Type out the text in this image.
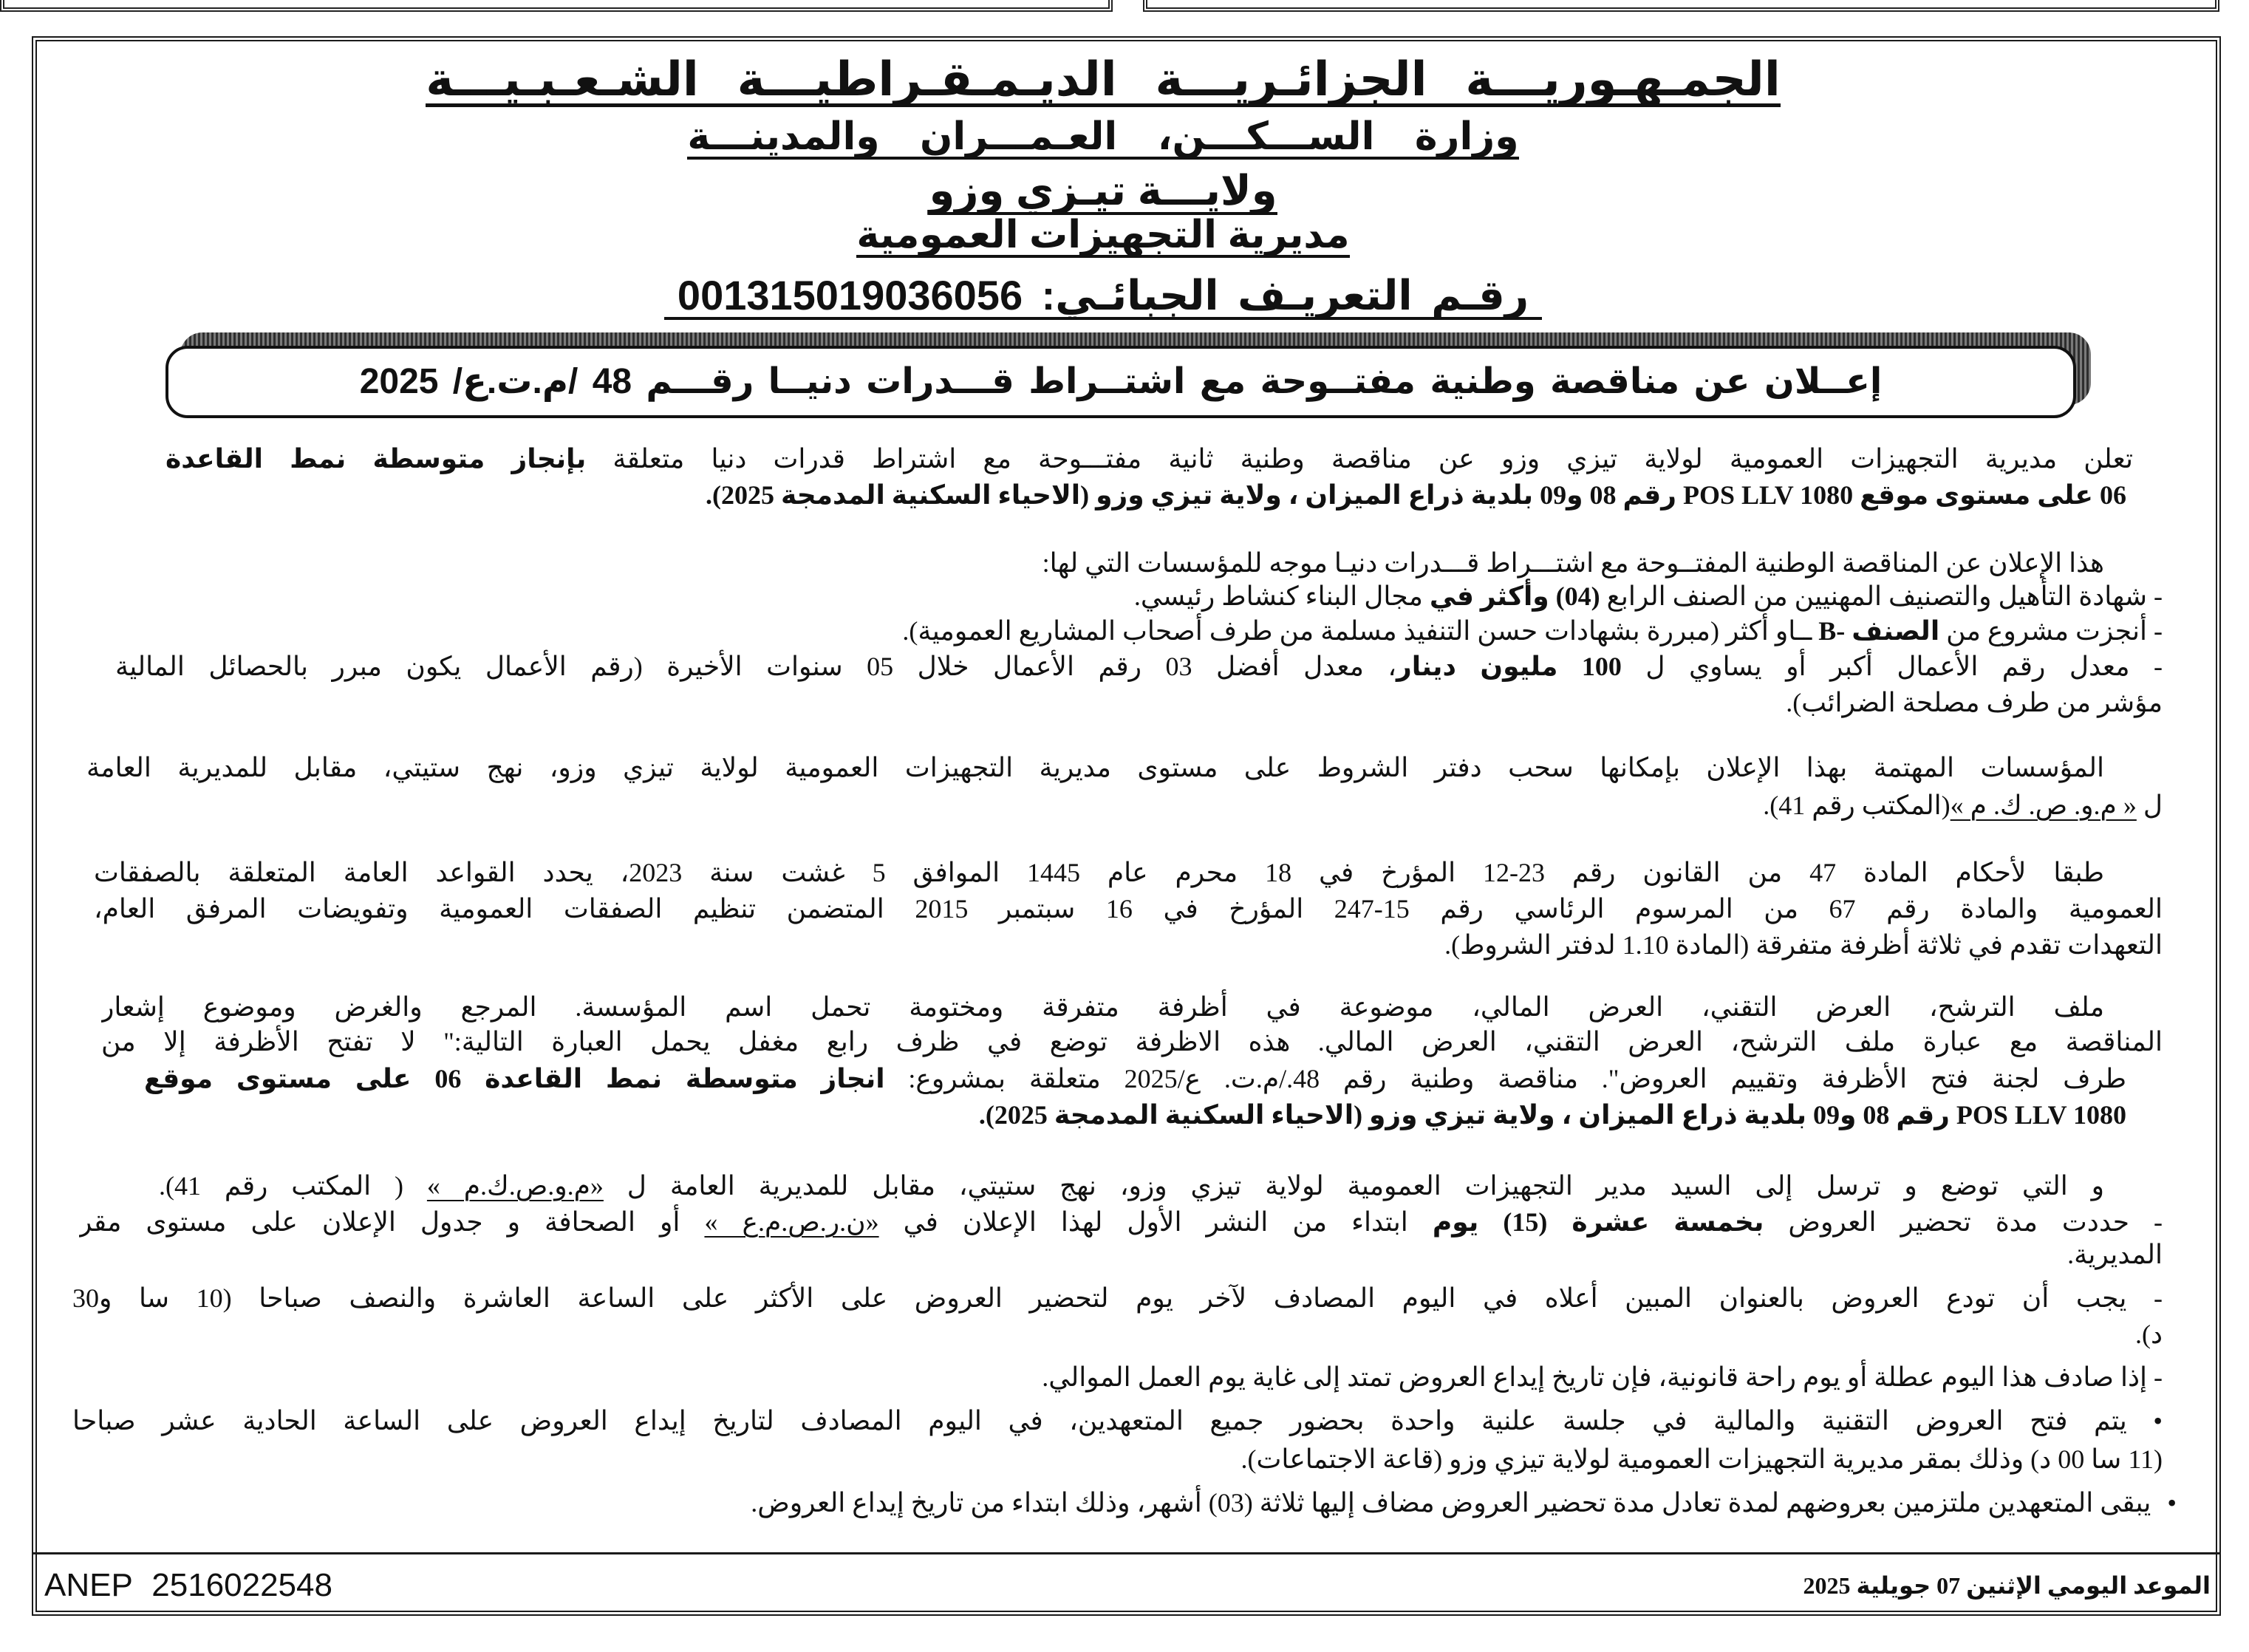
الجمـهـوريـــة الجزائـريـــة الديـمـقـراطيـــة الشـعـبـيـــة
وزارة الســـكـــن، العـمـــران والمدينـــة
ولايـــة تيـزي وزو
مديرية التجهيزات العمومية
رقـم التعريـف الجبائـي: 001315019036056
إعــلان عن مناقصة وطنية مفتــوحة مع اشتــراط قـــدرات دنيــا رقـــم 48 /م.ت.ع/ 2025
تعلن مديرية التجهيزات العمومية لولاية تيزي وزو عن مناقصة وطنية ثانية مفتـــوحة مع اشتراط قدرات دنيا متعلقة بإنجاز متوسطة نمط القاعدة
06 على مستوى موقع POS LLV 1080 رقم 08 و09 بلدية ذراع الميزان ، ولاية تيزي وزو (الاحياء السكنية المدمجة 2025).
هذا الإعلان عن المناقصة الوطنية المفتــوحة مع اشتـــراط قـــدرات دنيـا موجه للمؤسسات التي لها:
- شهادة التأهيل والتصنيف المهنيين من الصنف الرابع (04) وأكثر في مجال البناء كنشاط رئيسي.
- أنجزت مشروع من الصنف -B ــاو أكثر (مبررة بشهادات حسن التنفيذ مسلمة من طرف أصحاب المشاريع العمومية).
- معدل رقم الأعمال أكبر أو يساوي ل 100 مليون دينار، معدل أفضل 03 رقم الأعمال خلال 05 سنوات الأخيرة (رقم الأعمال يكون مبرر بالحصائل المالية
مؤشر من طرف مصلحة الضرائب).
المؤسسات المهتمة بهذا الإعلان بإمكانها سحب دفتر الشروط على مستوى مديرية التجهيزات العمومية لولاية تيزي وزو، نهج ستيتي، مقابل للمديرية العامة
ل « م.و. ص. ك. م »(المكتب رقم 41).
طبقا لأحكام المادة 47 من القانون رقم 23-12 المؤرخ في 18 محرم عام 1445 الموافق 5 غشت سنة 2023، يحدد القواعد العامة المتعلقة بالصفقات
العمومية والمادة رقم 67 من المرسوم الرئاسي رقم 15-247 المؤرخ في 16 سبتمبر 2015 المتضمن تنظيم الصفقات العمومية وتفويضات المرفق العام،
التعهدات تقدم في ثلاثة أظرفة متفرقة (المادة 1.10 لدفتر الشروط).
ملف الترشح، العرض التقني، العرض المالي، موضوعة في أظرفة متفرقة ومختومة تحمل اسم المؤسسة. المرجع والغرض وموضوع إشعار
المناقصة مع عبارة ملف الترشح، العرض التقني، العرض المالي. هذه الاظرفة توضع في ظرف رابع مغفل يحمل العبارة التالية:" لا تفتح الأظرفة إلا من
طرف لجنة فتح الأظرفة وتقييم العروض". مناقصة وطنية رقم 48./م.ت. ع/2025 متعلقة بمشروع: انجاز متوسطة نمط القاعدة 06 على مستوى موقع
POS LLV 1080 رقم 08 و09 بلدية ذراع الميزان ، ولاية تيزي وزو (الاحياء السكنية المدمجة 2025).
و التي توضع و ترسل إلى السيد مدير التجهيزات العمومية لولاية تيزي وزو، نهج ستيتي، مقابل للمديرية العامة ل «م.و.ص.ك.م » ( المكتب رقم 41).
- حددت مدة تحضير العروض بخمسة عشرة (15) يوم ابتداء من النشر الأول لهذا الإعلان في «ن.ر.ص.م.ع » أو الصحافة و جدول الإعلان على مستوى مقر
المديرية.
- يجب أن تودع العروض بالعنوان المبين أعلاه في اليوم المصادف لآخر يوم لتحضير العروض على الأكثر على الساعة العاشرة والنصف صباحا (10 سا و30
د).
- إذا صادف هذا اليوم عطلة أو يوم راحة قانونية، فإن تاريخ إيداع العروض تمتد إلى غاية يوم العمل الموالي.
• يتم فتح العروض التقنية والمالية في جلسة علنية واحدة بحضور جميع المتعهدين، في اليوم المصادف لتاريخ إيداع العروض على الساعة الحادية عشر صباحا
(11 سا 00 د) وذلك بمقر مديرية التجهيزات العمومية لولاية تيزي وزو (قاعة الاجتماعات).
•يبقى المتعهدين ملتزمين بعروضهم لمدة تعادل مدة تحضير العروض مضاف إليها ثلاثة (03) أشهر، وذلك ابتداء من تاريخ إيداع العروض.
ANEP 2516022548	الموعد اليومي الإثنين 07 جويلية 2025
